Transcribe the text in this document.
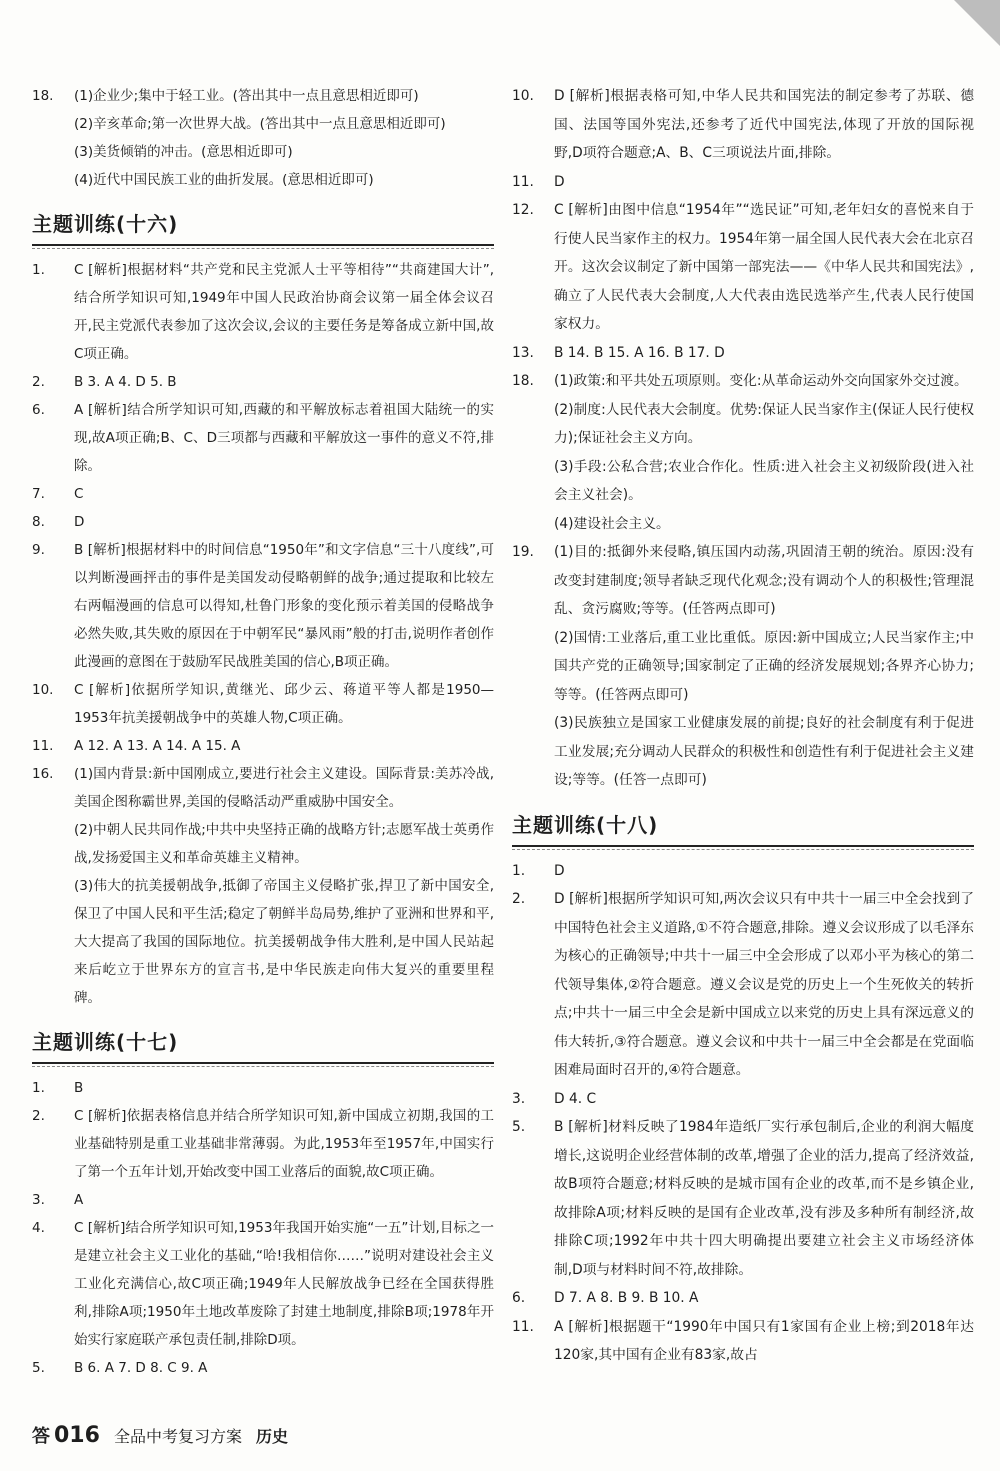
18.	(1)企业少;集中于轻工业。(答出其中一点且意思相近即可)
(2)辛亥革命;第一次世界大战。(答出其中一点且意思相近即可)
(3)美货倾销的冲击。(意思相近即可)
(4)近代中国民族工业的曲折发展。(意思相近即可)
主题训练(十六)
1.	C [解析]根据材料“共产党和民主党派人士平等相待”“共商建国大计”,结合所学知识可知,1949年中国人民政治协商会议第一届全体会议召开,民主党派代表参加了这次会议,会议的主要任务是筹备成立新中国,故C项正确。
2.	B 3. A 4. D 5. B
6.	A [解析]结合所学知识可知,西藏的和平解放标志着祖国大陆统一的实现,故A项正确;B、C、D三项都与西藏和平解放这一事件的意义不符,排除。
7.	C
8.	D
9.	B [解析]根据材料中的时间信息“1950年”和文字信息“三十八度线”,可以判断漫画抨击的事件是美国发动侵略朝鲜的战争;通过提取和比较左右两幅漫画的信息可以得知,杜鲁门形象的变化预示着美国的侵略战争必然失败,其失败的原因在于中朝军民“暴风雨”般的打击,说明作者创作此漫画的意图在于鼓励军民战胜美国的信心,B项正确。
10.	C [解析]依据所学知识,黄继光、邱少云、蒋道平等人都是1950—1953年抗美援朝战争中的英雄人物,C项正确。
11.	A 12. A 13. A 14. A 15. A
16.	(1)国内背景:新中国刚成立,要进行社会主义建设。国际背景:美苏冷战,美国企图称霸世界,美国的侵略活动严重威胁中国安全。
(2)中朝人民共同作战;中共中央坚持正确的战略方针;志愿军战士英勇作战,发扬爱国主义和革命英雄主义精神。
(3)伟大的抗美援朝战争,抵御了帝国主义侵略扩张,捍卫了新中国安全,保卫了中国人民和平生活;稳定了朝鲜半岛局势,维护了亚洲和世界和平,大大提高了我国的国际地位。抗美援朝战争伟大胜利,是中国人民站起来后屹立于世界东方的宣言书,是中华民族走向伟大复兴的重要里程碑。
主题训练(十七)
1.	B
2.	C [解析]依据表格信息并结合所学知识可知,新中国成立初期,我国的工业基础特别是重工业基础非常薄弱。为此,1953年至1957年,中国实行了第一个五年计划,开始改变中国工业落后的面貌,故C项正确。
3.	A
4.	C [解析]结合所学知识可知,1953年我国开始实施“一五”计划,目标之一是建立社会主义工业化的基础,“哈!我相信你……”说明对建设社会主义工业化充满信心,故C项正确;1949年人民解放战争已经在全国获得胜利,排除A项;1950年土地改革废除了封建土地制度,排除B项;1978年开始实行家庭联产承包责任制,排除D项。
5.	B 6. A 7. D 8. C 9. A
10.	D [解析]根据表格可知,中华人民共和国宪法的制定参考了苏联、德国、法国等国外宪法,还参考了近代中国宪法,体现了开放的国际视野,D项符合题意;A、B、C三项说法片面,排除。
11.	D
12.	C [解析]由图中信息“1954年”“选民证”可知,老年妇女的喜悦来自于行使人民当家作主的权力。1954年第一届全国人民代表大会在北京召开。这次会议制定了新中国第一部宪法——《中华人民共和国宪法》,确立了人民代表大会制度,人大代表由选民选举产生,代表人民行使国家权力。
13.	B 14. B 15. A 16. B 17. D
18.	(1)政策:和平共处五项原则。变化:从革命运动外交向国家外交过渡。
(2)制度:人民代表大会制度。优势:保证人民当家作主(保证人民行使权力);保证社会主义方向。
(3)手段:公私合营;农业合作化。性质:进入社会主义初级阶段(进入社会主义社会)。
(4)建设社会主义。
19.	(1)目的:抵御外来侵略,镇压国内动荡,巩固清王朝的统治。原因:没有改变封建制度;领导者缺乏现代化观念;没有调动个人的积极性;管理混乱、贪污腐败;等等。(任答两点即可)
(2)国情:工业落后,重工业比重低。原因:新中国成立;人民当家作主;中国共产党的正确领导;国家制定了正确的经济发展规划;各界齐心协力;等等。(任答两点即可)
(3)民族独立是国家工业健康发展的前提;良好的社会制度有利于促进工业发展;充分调动人民群众的积极性和创造性有利于促进社会主义建设;等等。(任答一点即可)
主题训练(十八)
1.	D
2.	D [解析]根据所学知识可知,两次会议只有中共十一届三中全会找到了中国特色社会主义道路,①不符合题意,排除。遵义会议形成了以毛泽东为核心的正确领导;中共十一届三中全会形成了以邓小平为核心的第二代领导集体,②符合题意。遵义会议是党的历史上一个生死攸关的转折点;中共十一届三中全会是新中国成立以来党的历史上具有深远意义的伟大转折,③符合题意。遵义会议和中共十一届三中全会都是在党面临困难局面时召开的,④符合题意。
3.	D 4. C
5.	B [解析]材料反映了1984年造纸厂实行承包制后,企业的利润大幅度增长,这说明企业经营体制的改革,增强了企业的活力,提高了经济效益,故B项符合题意;材料反映的是城市国有企业的改革,而不是乡镇企业,故排除A项;材料反映的是国有企业改革,没有涉及多种所有制经济,故排除C项;1992年中共十四大明确提出要建立社会主义市场经济体制,D项与材料时间不符,故排除。
6.	D 7. A 8. B 9. B 10. A
11.	A [解析]根据题干“1990年中国只有1家国有企业上榜;到2018年达120家,其中国有企业有83家,故占
答 016 全品中考复习方案 历史
